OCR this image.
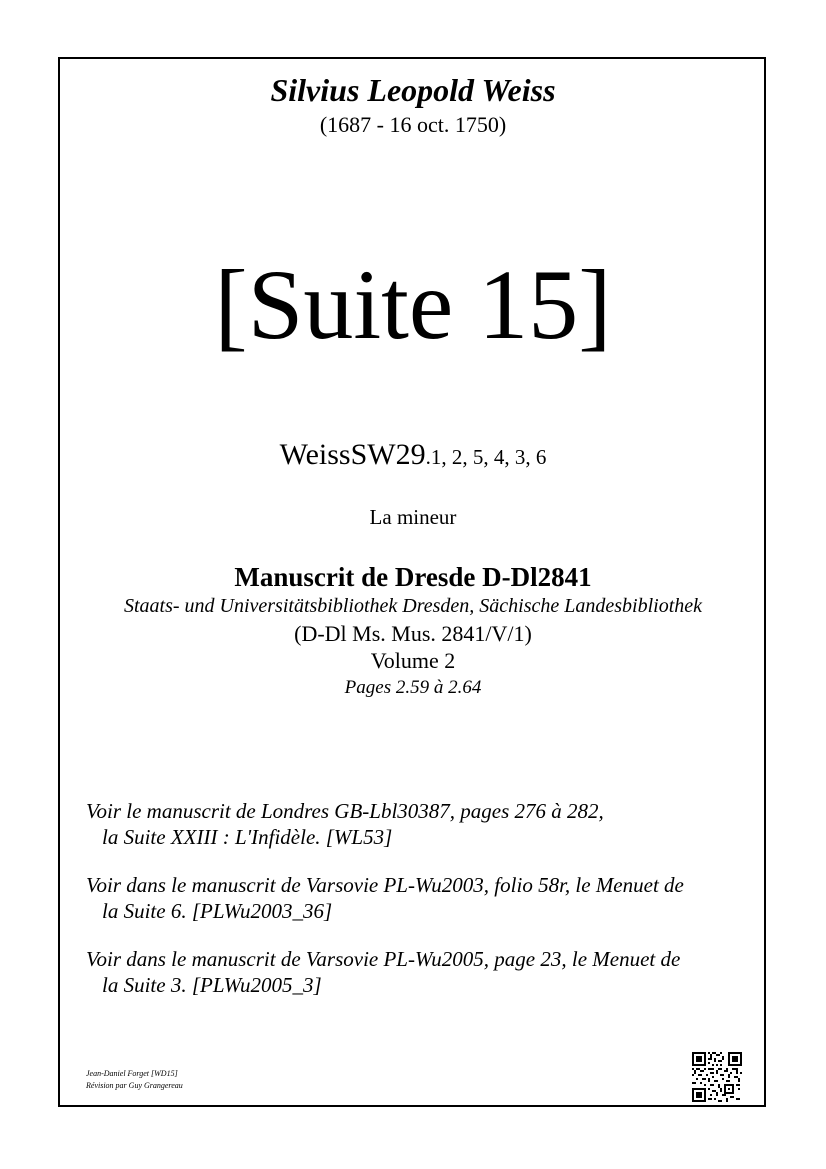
Silvius Leopold Weiss
(1687 - 16 oct. 1750)
[Suite 15]
WeissSW29.1, 2, 5, 4, 3, 6
La mineur
Manuscrit de Dresde D-Dl2841
Staats- und Universitätsbibliothek Dresden, Sächische Landesbibliothek
(D-Dl Ms. Mus. 2841/V/1)
Volume 2
Pages 2.59 à 2.64

Voir le manuscrit de Londres GB-Lbl30387, pages 276 à 282,
la Suite XXIII : L'Infidèle. [WL53]

Voir dans le manuscrit de Varsovie PL-Wu2003, folio 58r, le Menuet de
la Suite 6. [PLWu2003_36]

Voir dans le manuscrit de Varsovie PL-Wu2005, page 23, le Menuet de
la Suite 3. [PLWu2005_3]

Jean-Daniel Forget [WD15]
Révision par Guy Grangereau
